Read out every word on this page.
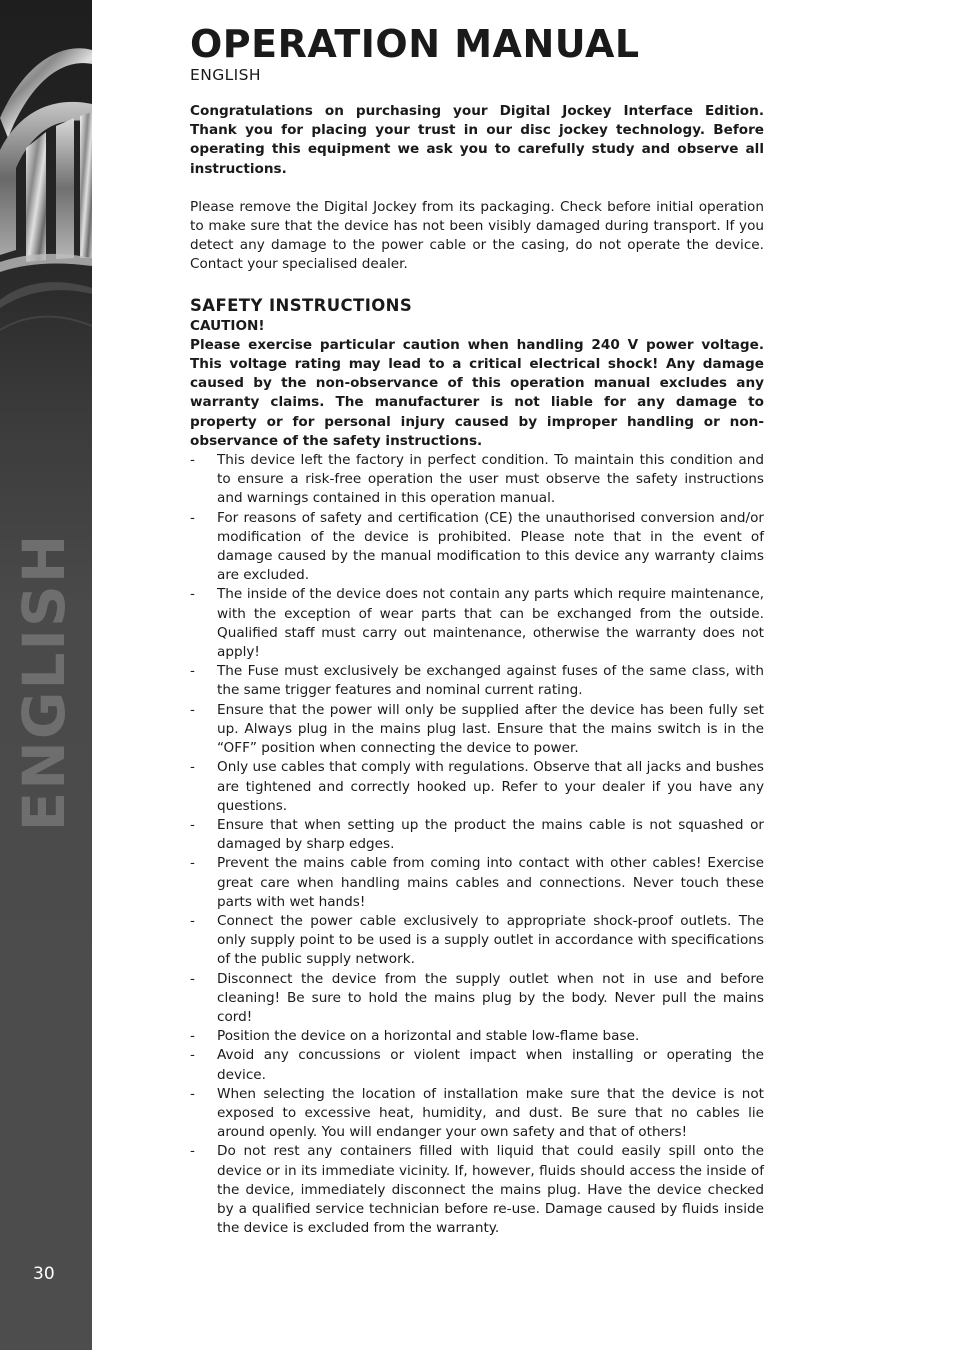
ENGLISH
30
OPERATION MANUAL
ENGLISH

Congratulations on purchasing your Digital Jockey Interface Edition. Thank you for placing your trust in our disc jockey technology. Before operating this equipment we ask you to carefully study and observe all instructions.

Please remove the Digital Jockey from its packaging. Check before initial operation to make sure that the device has not been visibly damaged during transport. If you detect any damage to the power cable or the casing, do not operate the device. Contact your specialised dealer.

SAFETY INSTRUCTIONS

CAUTION!

Please exercise particular caution when handling 240 V power voltage. This voltage rating may lead to a critical electrical shock! Any damage caused by the non-observance of this operation manual excludes any warranty claims. The manufacturer is not liable for any damage to property or for personal injury caused by improper handling or non-observance of the safety instructions.

- This device left the factory in perfect condition. To maintain this condition and to ensure a risk-free operation the user must observe the safety instructions and warnings contained in this operation manual.
- For reasons of safety and certification (CE) the unauthorised conversion and/or modification of the device is prohibited. Please note that in the event of damage caused by the manual modification to this device any warranty claims are excluded.
- The inside of the device does not contain any parts which require maintenance, with the exception of wear parts that can be exchanged from the outside. Qualified staff must carry out maintenance, otherwise the warranty does not apply!
- The Fuse must exclusively be exchanged against fuses of the same class, with the same trigger features and nominal current rating.
- Ensure that the power will only be supplied after the device has been fully set up. Always plug in the mains plug last. Ensure that the mains switch is in the “OFF” position when connecting the device to power.
- Only use cables that comply with regulations. Observe that all jacks and bushes are tightened and correctly hooked up. Refer to your dealer if you have any questions.
- Ensure that when setting up the product the mains cable is not squashed or damaged by sharp edges.
- Prevent the mains cable from coming into contact with other cables! Exercise great care when handling mains cables and connections. Never touch these parts with wet hands!
- Connect the power cable exclusively to appropriate shock-proof outlets. The only supply point to be used is a supply outlet in accordance with specifications of the public supply network.
- Disconnect the device from the supply outlet when not in use and before cleaning! Be sure to hold the mains plug by the body. Never pull the mains cord!
- Position the device on a horizontal and stable low-flame base.
- Avoid any concussions or violent impact when installing or operating the device.
- When selecting the location of installation make sure that the device is not exposed to excessive heat, humidity, and dust. Be sure that no cables lie around openly. You will endanger your own safety and that of others!
- Do not rest any containers filled with liquid that could easily spill onto the device or in its immediate vicinity. If, however, fluids should access the inside of the device, immediately disconnect the mains plug. Have the device checked by a qualified service technician before re-use. Damage caused by fluids inside the device is excluded from the warranty.
